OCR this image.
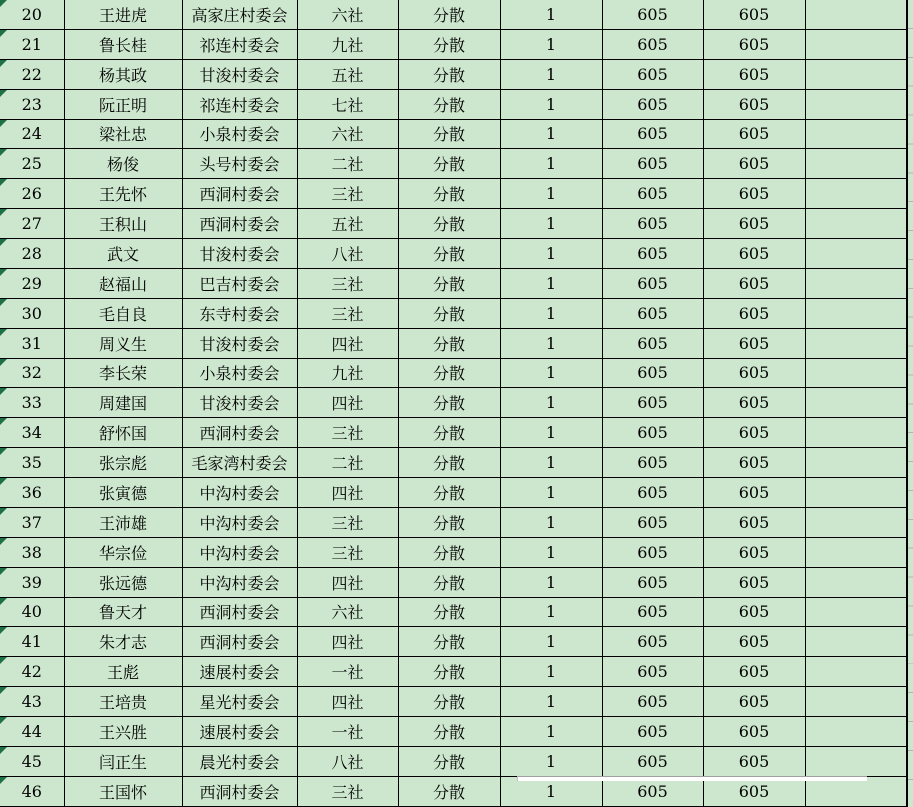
20	王进虎	高家庄村委会	六社	分散	1	605	605	

21	鲁长桂	祁连村委会	九社	分散	1	605	605	

22	杨其政	甘浚村委会	五社	分散	1	605	605	

23	阮正明	祁连村委会	七社	分散	1	605	605	

24	梁社忠	小泉村委会	六社	分散	1	605	605	

25	杨俊	头号村委会	二社	分散	1	605	605	

26	王先怀	西洞村委会	三社	分散	1	605	605	

27	王积山	西洞村委会	五社	分散	1	605	605	

28	武文	甘浚村委会	八社	分散	1	605	605	

29	赵福山	巴吉村委会	三社	分散	1	605	605	

30	毛自良	东寺村委会	三社	分散	1	605	605	

31	周义生	甘浚村委会	四社	分散	1	605	605	

32	李长荣	小泉村委会	九社	分散	1	605	605	

33	周建国	甘浚村委会	四社	分散	1	605	605	

34	舒怀国	西洞村委会	三社	分散	1	605	605	

35	张宗彪	毛家湾村委会	二社	分散	1	605	605	

36	张寅德	中沟村委会	四社	分散	1	605	605	

37	王沛雄	中沟村委会	三社	分散	1	605	605	

38	华宗俭	中沟村委会	三社	分散	1	605	605	

39	张远德	中沟村委会	四社	分散	1	605	605	

40	鲁天才	西洞村委会	六社	分散	1	605	605	

41	朱才志	西洞村委会	四社	分散	1	605	605	

42	王彪	速展村委会	一社	分散	1	605	605	

43	王培贵	星光村委会	四社	分散	1	605	605	

44	王兴胜	速展村委会	一社	分散	1	605	605	

45	闫正生	晨光村委会	八社	分散	1	605	605	

46	王国怀	西洞村委会	三社	分散	1	605	605	
